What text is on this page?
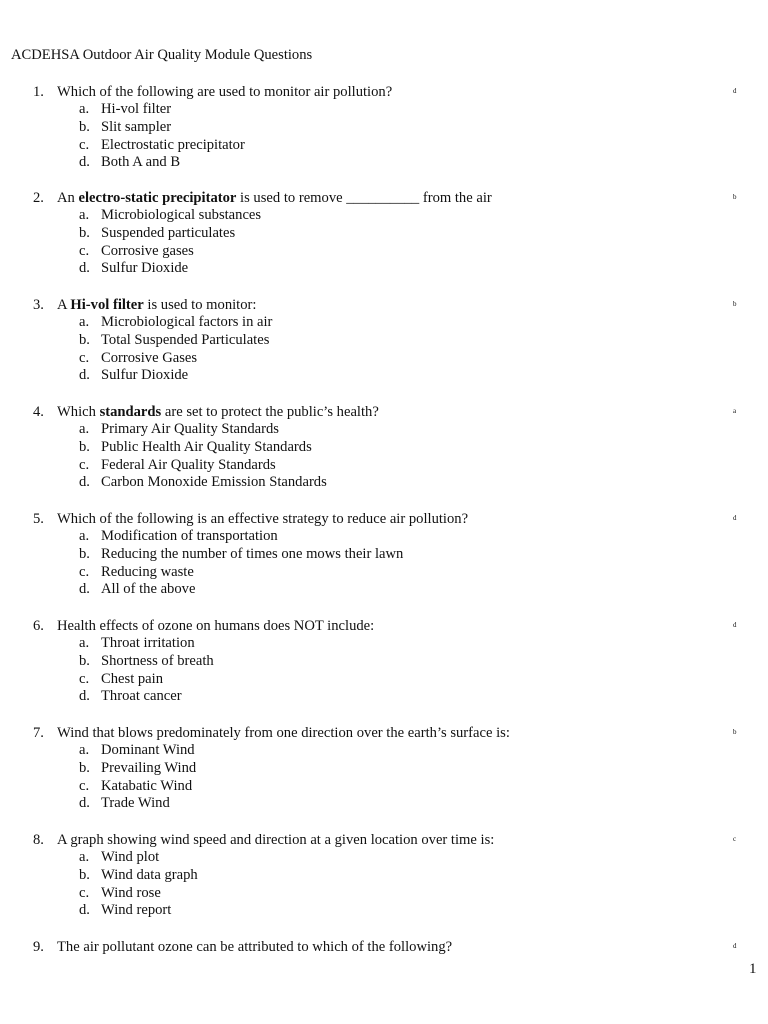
ACDEHSA Outdoor Air Quality Module Questions
1. Which of the following are used to monitor air pollution?	d
a. Hi-vol filter
b. Slit sampler
c. Electrostatic precipitator
d. Both A and B
2. An electro-static precipitator is used to remove __________ from the air	b
a. Microbiological substances
b. Suspended particulates
c. Corrosive gases
d. Sulfur Dioxide
3. A Hi-vol filter is used to monitor:	b
a. Microbiological factors in air
b. Total Suspended Particulates
c. Corrosive Gases
d. Sulfur Dioxide
4. Which standards are set to protect the public’s health?	a
a. Primary Air Quality Standards
b. Public Health Air Quality Standards
c. Federal Air Quality Standards
d. Carbon Monoxide Emission Standards
5. Which of the following is an effective strategy to reduce air pollution?	d
a. Modification of transportation
b. Reducing the number of times one mows their lawn
c. Reducing waste
d. All of the above
6. Health effects of ozone on humans does NOT include:	d
a. Throat irritation
b. Shortness of breath
c. Chest pain
d. Throat cancer
7. Wind that blows predominately from one direction over the earth’s surface is:	b
a. Dominant Wind
b. Prevailing Wind
c. Katabatic Wind
d. Trade Wind
8. A graph showing wind speed and direction at a given location over time is:	c
a. Wind plot
b. Wind data graph
c. Wind rose
d. Wind report
9. The air pollutant ozone can be attributed to which of the following?	d
1
